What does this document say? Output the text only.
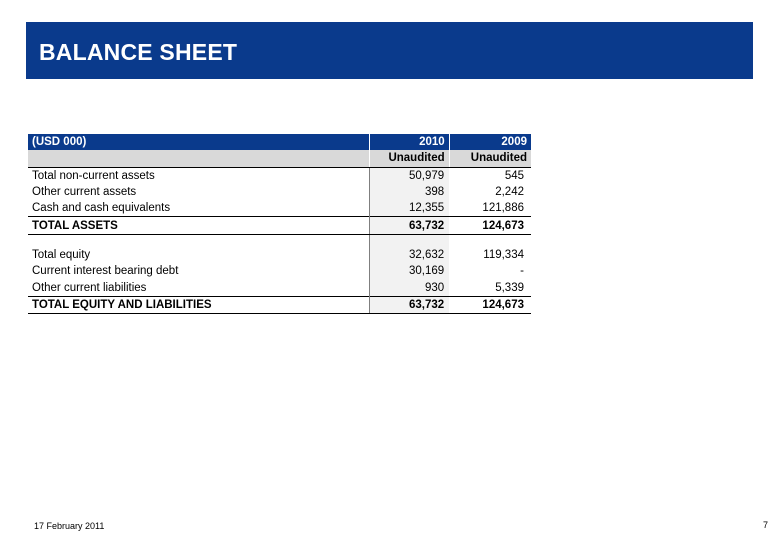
BALANCE SHEET
(USD 000)	2010	2009
	Unaudited	Unaudited
Total non-current assets	50,979	545
Other current assets	398	2,242
Cash and cash equivalents	12,355	121,886
TOTAL ASSETS	63,732	124,673

Total equity	32,632	119,334
Current interest bearing debt	30,169	-
Other current liabilities	930	5,339
TOTAL EQUITY AND LIABILITIES	63,732	124,673
17 February 2011	7
